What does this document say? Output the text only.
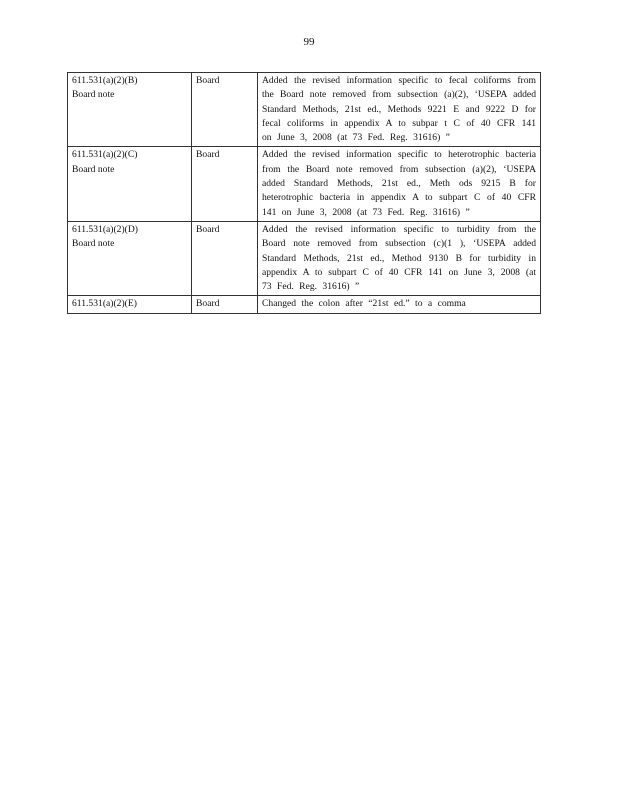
99
611.531(a)(2)(B)
Board note	Board	Added the revised information specific to fecal coliforms from the Board note removed from subsection (a)(2), ‘USEPA added Standard Methods, 21st ed., Methods 9221 E and 9222 D for fecal coliforms in appendix A to subpar t C of 40 CFR 141 on June 3, 2008 (at 73 Fed. Reg. 31616) ”

611.531(a)(2)(C)
Board note	Board	Added the revised information specific to heterotrophic bacteria from the Board note removed from subsection (a)(2), ‘USEPA added Standard Methods, 21st ed., Meth ods 9215 B for heterotrophic bacteria in appendix A to subpart C of 40 CFR 141 on June 3, 2008 (at 73 Fed. Reg. 31616) ”

611.531(a)(2)(D)
Board note	Board	Added the revised information specific to turbidity from the Board note removed from subsection (c)(1 ), ‘USEPA added Standard Methods, 21st ed., Method 9130 B for turbidity in appendix A to subpart C of 40 CFR 141 on June 3, 2008 (at 73 Fed. Reg. 31616) ”

611.531(a)(2)(E)	Board	Changed the colon after “21st ed.” to a comma
